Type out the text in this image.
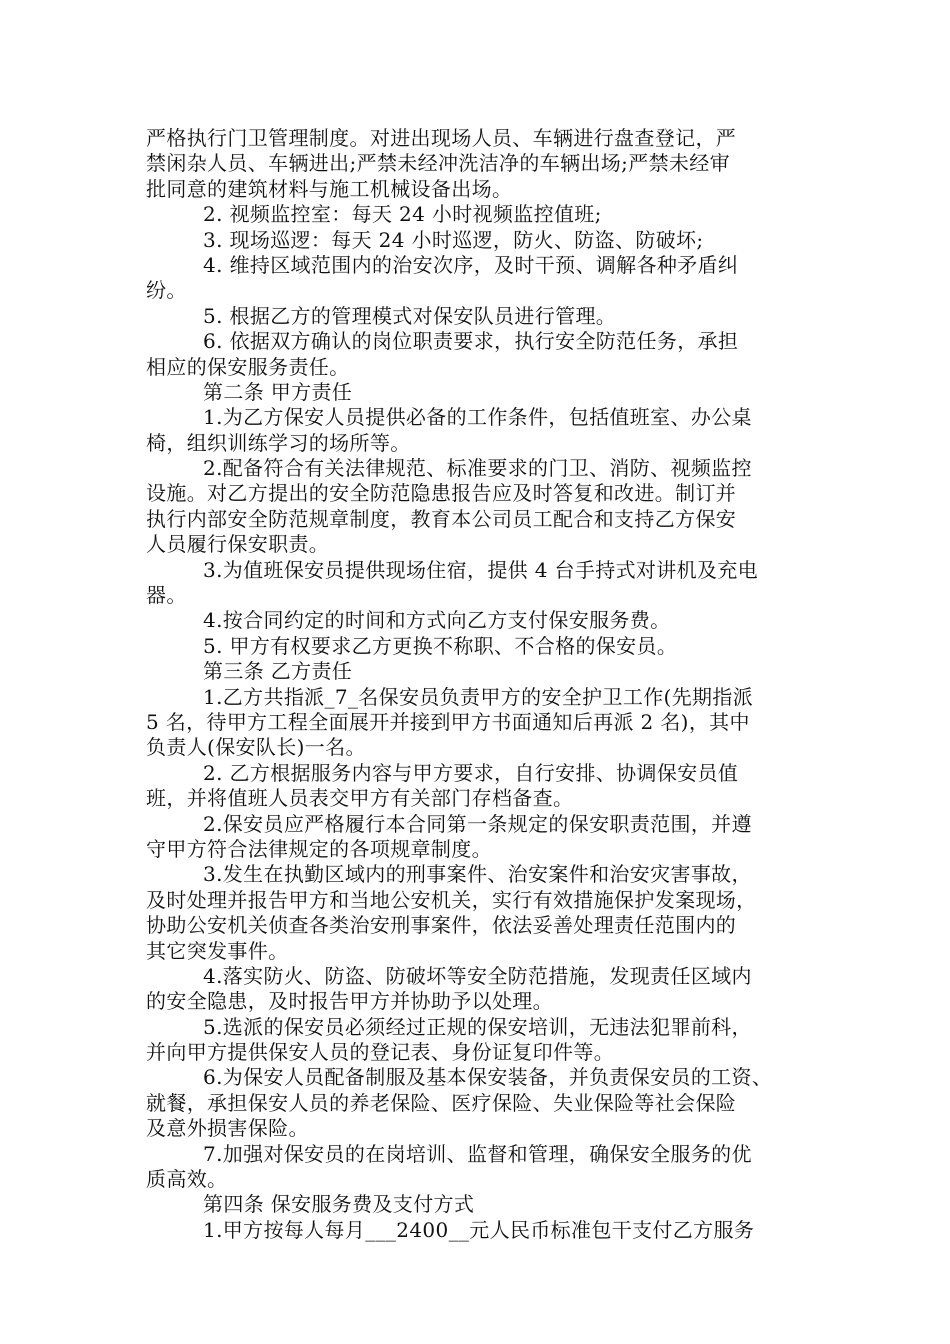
严格执行门卫管理制度。对进出现场人员、车辆进行盘查登记，严
禁闲杂人员、车辆进出;严禁未经冲洗洁净的车辆出场;严禁未经审
批同意的建筑材料与施工机械设备出场。
2. 视频监控室：每天 24 小时视频监控值班;
3. 现场巡逻：每天 24 小时巡逻，防火、防盗、防破坏;
4. 维持区域范围内的治安次序，及时干预、调解各种矛盾纠
纷。
5. 根据乙方的管理模式对保安队员进行管理。
6. 依据双方确认的岗位职责要求，执行安全防范任务，承担
相应的保安服务责任。
第二条 甲方责任
1.为乙方保安人员提供必备的工作条件，包括值班室、办公桌
椅，组织训练学习的场所等。
2.配备符合有关法律规范、标准要求的门卫、消防、视频监控
设施。对乙方提出的安全防范隐患报告应及时答复和改进。制订并
执行内部安全防范规章制度，教育本公司员工配合和支持乙方保安
人员履行保安职责。
3.为值班保安员提供现场住宿，提供 4 台手持式对讲机及充电
器。
4.按合同约定的时间和方式向乙方支付保安服务费。
5. 甲方有权要求乙方更换不称职、不合格的保安员。
第三条 乙方责任
1.乙方共指派_7_名保安员负责甲方的安全护卫工作(先期指派
5 名，待甲方工程全面展开并接到甲方书面通知后再派 2 名)，其中
负责人(保安队长)一名。
2. 乙方根据服务内容与甲方要求，自行安排、协调保安员值
班，并将值班人员表交甲方有关部门存档备查。
2.保安员应严格履行本合同第一条规定的保安职责范围，并遵
守甲方符合法律规定的各项规章制度。
3.发生在执勤区域内的刑事案件、治安案件和治安灾害事故，
及时处理并报告甲方和当地公安机关，实行有效措施保护发案现场，
协助公安机关侦查各类治安刑事案件，依法妥善处理责任范围内的
其它突发事件。
4.落实防火、防盗、防破坏等安全防范措施，发现责任区域内
的安全隐患，及时报告甲方并协助予以处理。
5.选派的保安员必须经过正规的保安培训，无违法犯罪前科，
并向甲方提供保安人员的登记表、身份证复印件等。
6.为保安人员配备制服及基本保安装备，并负责保安员的工资、
就餐，承担保安人员的养老保险、医疗保险、失业保险等社会保险
及意外损害保险。
7.加强对保安员的在岗培训、监督和管理，确保安全服务的优
质高效。
第四条 保安服务费及支付方式
1.甲方按每人每月___2400__元人民币标准包干支付乙方服务
